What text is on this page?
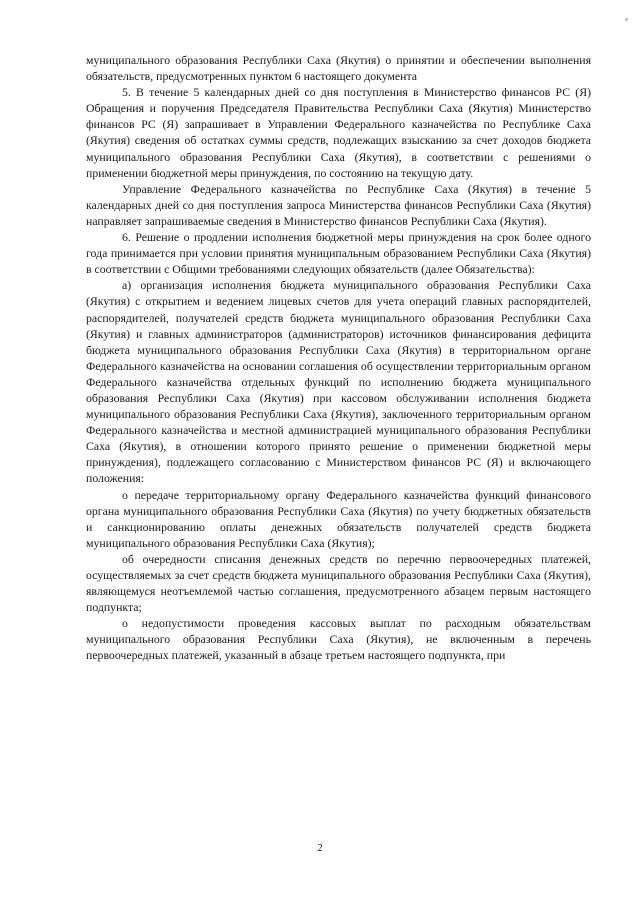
муниципального образования Республики Саха (Якутия) о принятии и обеспечении выполнения обязательств, предусмотренных пунктом 6 настоящего документа

5. В течение 5 календарных дней со дня поступления в Министерство финансов РС (Я) Обращения и поручения Председателя Правительства Республики Саха (Якутия) Министерство финансов РС (Я) запрашивает в Управлении Федерального казначейства по Республике Саха (Якутия) сведения об остатках суммы средств, подлежащих взысканию за счет доходов бюджета муниципального образования Республики Саха (Якутия), в соответствии с решениями о применении бюджетной меры принуждения, по состоянию на текущую дату.

Управление Федерального казначейства по Республике Саха (Якутия) в течение 5 календарных дней со дня поступления запроса Министерства финансов Республики Саха (Якутия) направляет запрашиваемые сведения в Министерство финансов Республики Саха (Якутия).

6. Решение о продлении исполнения бюджетной меры принуждения на срок более одного года принимается при условии принятия муниципальным образованием Республики Саха (Якутия) в соответствии с Общими требованиями следующих обязательств (далее Обязательства):

а) организация исполнения бюджета муниципального образования Республики Саха (Якутия) с открытием и ведением лицевых счетов для учета операций главных распорядителей, распорядителей, получателей средств бюджета муниципального образования Республики Саха (Якутия) и главных администраторов (администраторов) источников финансирования дефицита бюджета муниципального образования Республики Саха (Якутия) в территориальном органе Федерального казначейства на основании соглашения об осуществлении территориальным органом Федерального казначейства отдельных функций по исполнению бюджета муниципального образования Республики Саха (Якутия) при кассовом обслуживании исполнения бюджета муниципального образования Республики Саха (Якутия), заключенного территориальным органом Федерального казначейства и местной администрацией муниципального образования Республики Саха (Якутия), в отношении которого принято решение о применении бюджетной меры принуждения), подлежащего согласованию с Министерством финансов РС (Я) и включающего положения:

о передаче территориальному органу Федерального казначейства функций финансового органа муниципального образования Республики Саха (Якутия) по учету бюджетных обязательств и санкционированию оплаты денежных обязательств получателей средств бюджета муниципального образования Республики Саха (Якутия);

об очередности списания денежных средств по перечню первоочередных платежей, осуществляемых за счет средств бюджета муниципального образования Республики Саха (Якутия), являющемуся неотъемлемой частью соглашения, предусмотренного абзацем первым настоящего подпункта;

о недопустимости проведения кассовых выплат по расходным обязательствам муниципального образования Республики Саха (Якутия), не включенным в перечень первоочередных платежей, указанный в абзаце третьем настоящего подпункта, при

2
